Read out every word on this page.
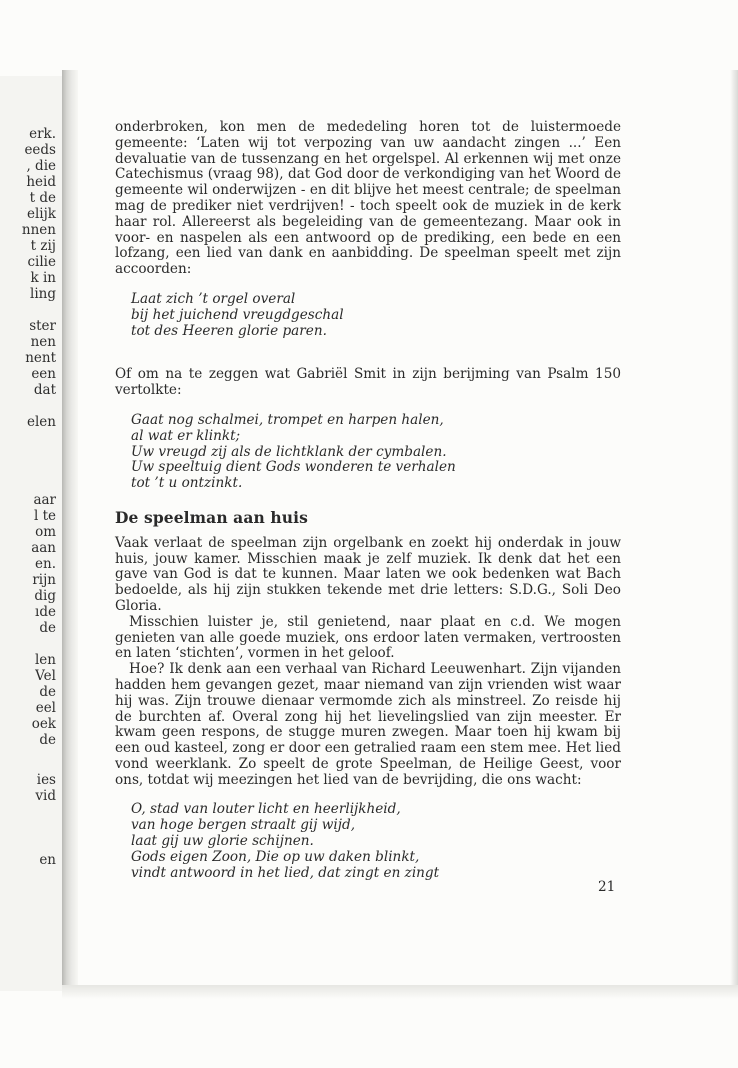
erk.
eeds
, die
heid
t de
elijk
nnen
t zij
cilie
k in
ling
ster
nen
nent
een
dat
elen
aar
l te
om
aan
en.
rijn
dig
ıde
de
len
Vel
de
eel
oek
de
ies
vid
en

onderbroken, kon men de mededeling horen tot de luistermoede gemeente: ‘Laten wij tot verpozing van uw aandacht zingen ...’ Een devaluatie van de tussenzang en het orgelspel. Al erkennen wij met onze Catechismus (vraag 98), dat God door de verkondiging van het Woord de gemeente wil onderwijzen - en dit blijve het meest centrale; de speelman mag de prediker niet verdrijven! - toch speelt ook de muziek in de kerk haar rol. Allereerst als begeleiding van de gemeentezang. Maar ook in voor- en naspelen als een antwoord op de prediking, een bede en een lofzang, een lied van dank en aanbidding. De speelman speelt met zijn accoorden:

Laat zich ’t orgel overal
bij het juichend vreugdgeschal
tot des Heeren glorie paren.

Of om na te zeggen wat Gabriël Smit in zijn berijming van Psalm 150 vertolkte:

Gaat nog schalmei, trompet en harpen halen,
al wat er klinkt;
Uw vreugd zij als de lichtklank der cymbalen.
Uw speeltuig dient Gods wonderen te verhalen
tot ’t u ontzinkt.
De speelman aan huis

Vaak verlaat de speelman zijn orgelbank en zoekt hij onderdak in jouw huis, jouw kamer. Misschien maak je zelf muziek. Ik denk dat het een gave van God is dat te kunnen. Maar laten we ook bedenken wat Bach bedoelde, als hij zijn stukken tekende met drie letters: S.D.G., Soli Deo Gloria.

Misschien luister je, stil genietend, naar plaat en c.d. We mogen genieten van alle goede muziek, ons erdoor laten vermaken, vertroosten en laten ‘stichten’, vormen in het geloof.

Hoe? Ik denk aan een verhaal van Richard Leeuwenhart. Zijn vijanden hadden hem gevangen gezet, maar niemand van zijn vrienden wist waar hij was. Zijn trouwe dienaar vermomde zich als minstreel. Zo reisde hij de burchten af. Overal zong hij het lievelingslied van zijn meester. Er kwam geen respons, de stugge muren zwegen. Maar toen hij kwam bij een oud kasteel, zong er door een getralied raam een stem mee. Het lied vond weerklank. Zo speelt de grote Speelman, de Heilige Geest, voor ons, totdat wij meezingen het lied van de bevrijding, die ons wacht:

O, stad van louter licht en heerlijkheid,
van hoge bergen straalt gij wijd,
laat gij uw glorie schijnen.
Gods eigen Zoon, Die op uw daken blinkt,
vindt antwoord in het lied, dat zingt en zingt
21
